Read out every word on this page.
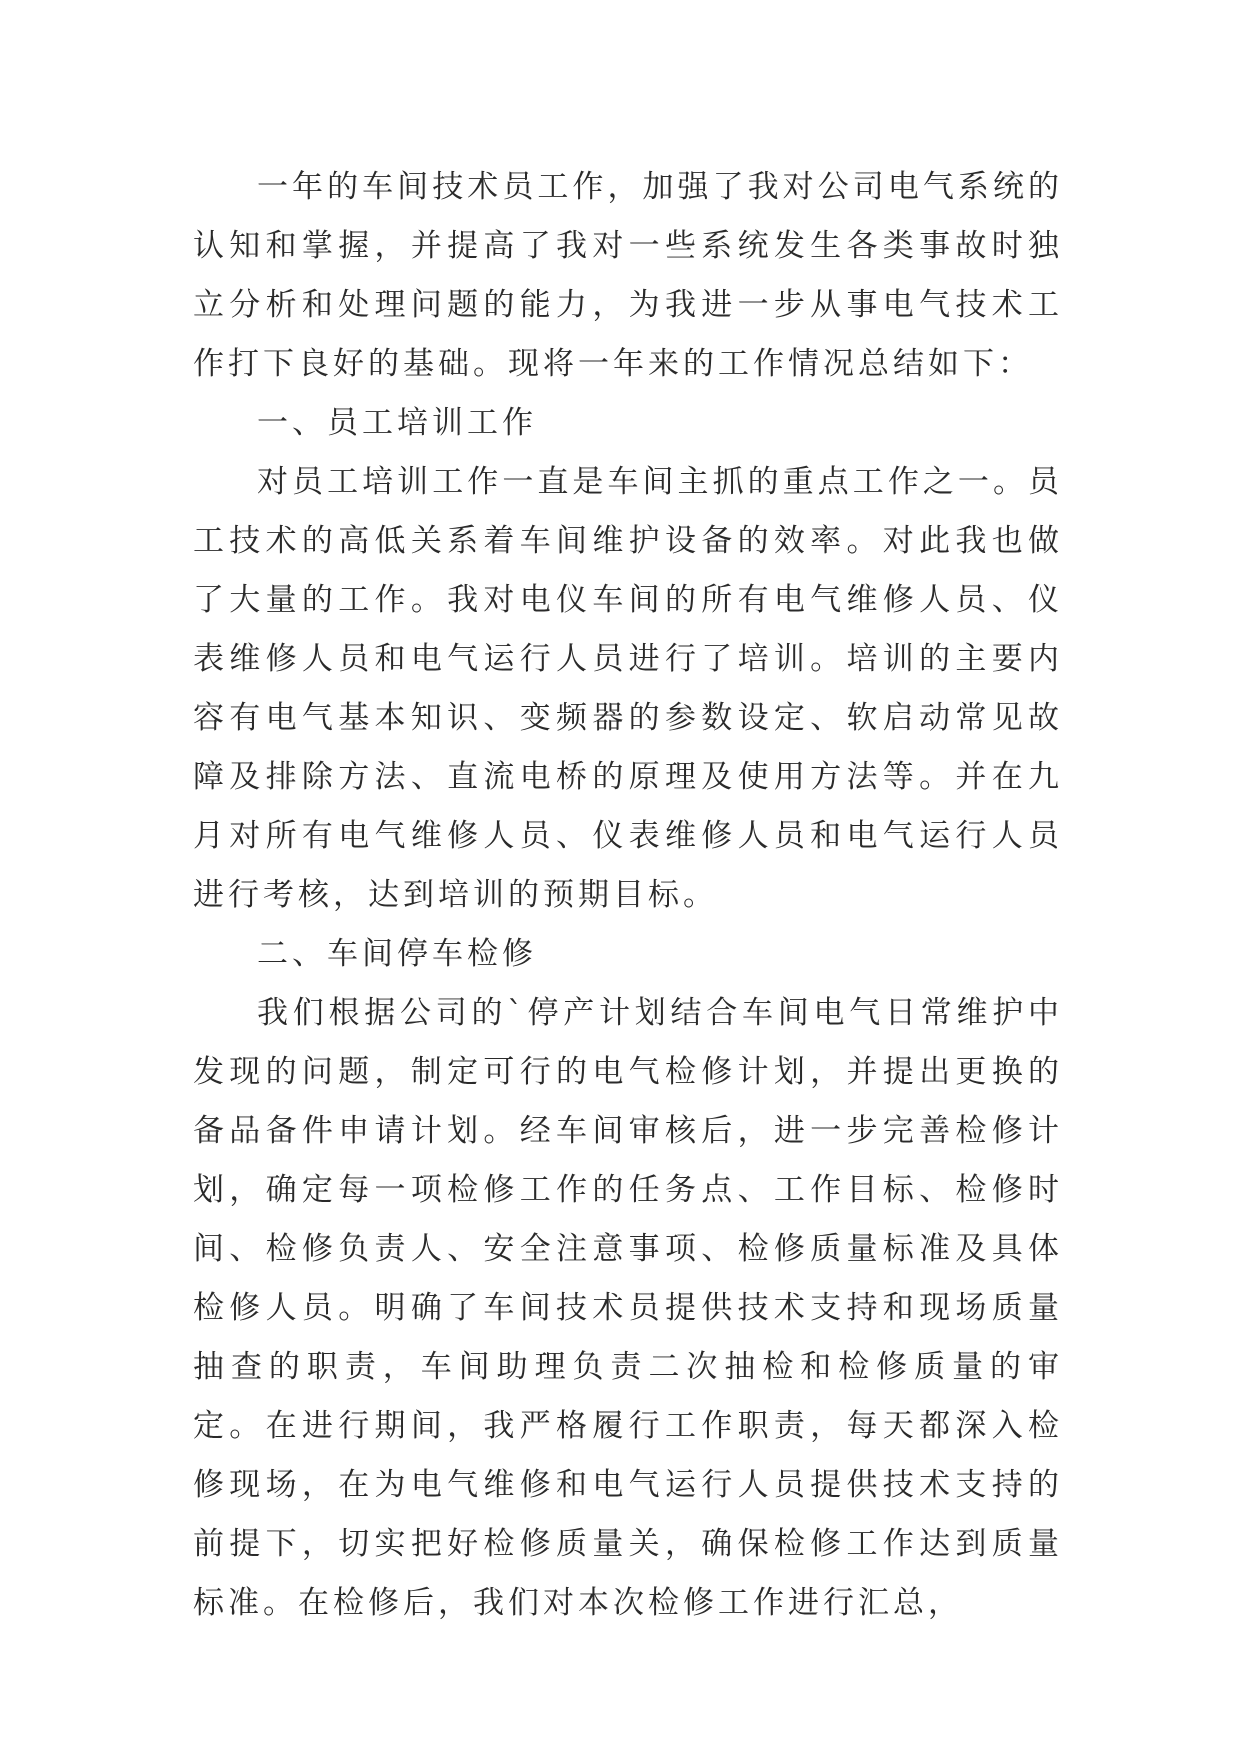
一年的车间技术员工作，加强了我对公司电气系统的认知和掌握，并提高了我对一些系统发生各类事故时独立分析和处理问题的能力，为我进一步从事电气技术工作打下良好的基础。现将一年来的工作情况总结如下：

一、员工培训工作

对员工培训工作一直是车间主抓的重点工作之一。员工技术的高低关系着车间维护设备的效率。对此我也做了大量的工作。我对电仪车间的所有电气维修人员、仪表维修人员和电气运行人员进行了培训。培训的主要内容有电气基本知识、变频器的参数设定、软启动常见故障及排除方法、直流电桥的原理及使用方法等。并在九月对所有电气维修人员、仪表维修人员和电气运行人员进行考核，达到培训的预期目标。

二、车间停车检修

我们根据公司的`停产计划结合车间电气日常维护中发现的问题，制定可行的电气检修计划，并提出更换的备品备件申请计划。经车间审核后，进一步完善检修计划，确定每一项检修工作的任务点、工作目标、检修时间、检修负责人、安全注意事项、检修质量标准及具体检修人员。明确了车间技术员提供技术支持和现场质量抽查的职责，车间助理负责二次抽检和检修质量的审定。在进行期间，我严格履行工作职责，每天都深入检修现场，在为电气维修和电气运行人员提供技术支持的前提下，切实把好检修质量关，确保检修工作达到质量标准。在检修后，我们对本次检修工作进行汇总，
